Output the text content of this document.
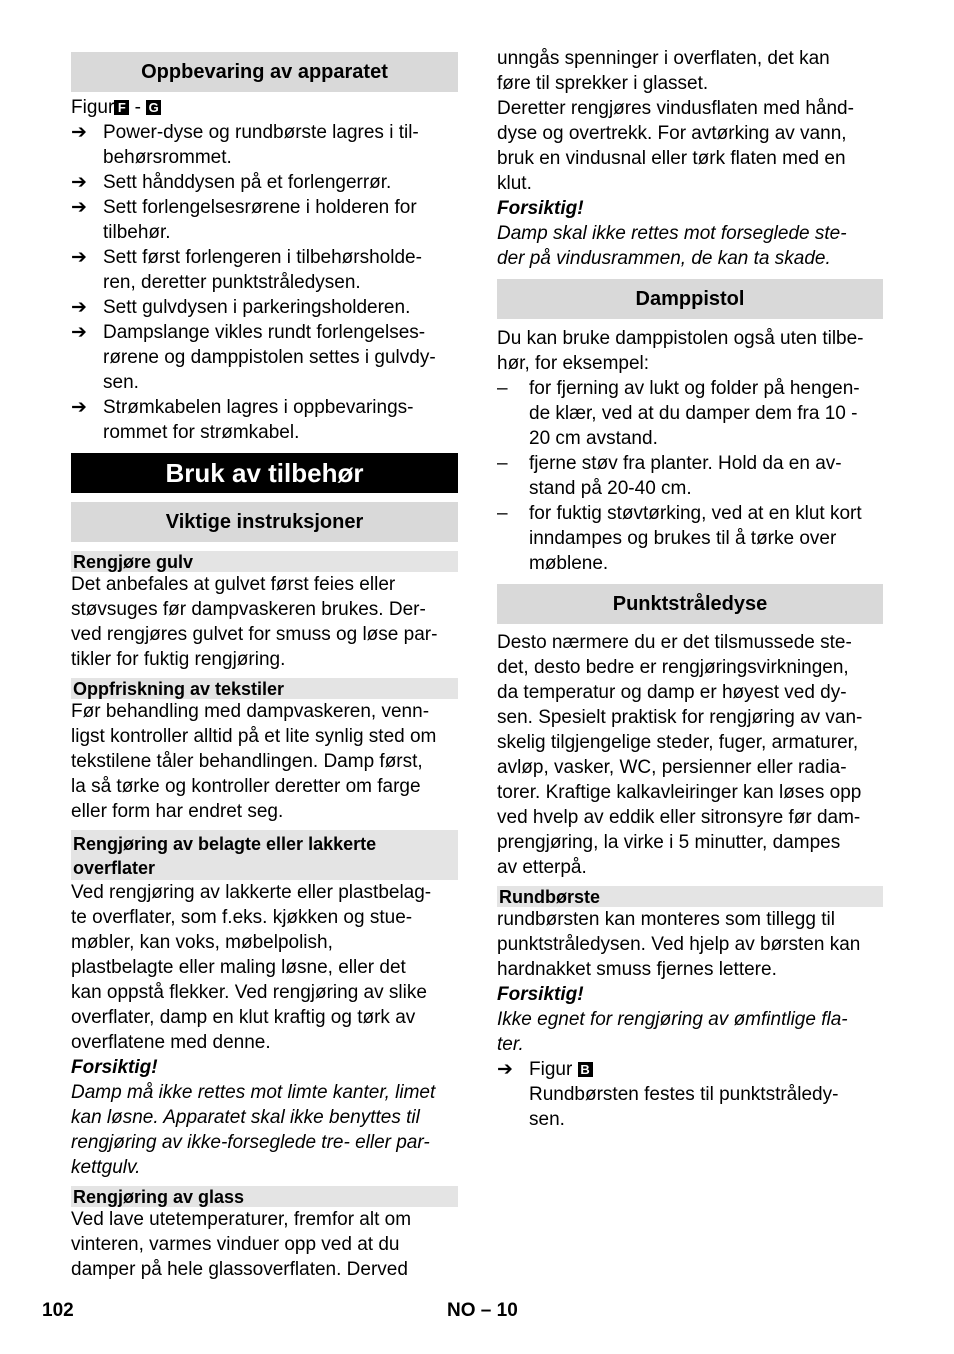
Oppbevaring av apparatet

Figur F - G

➔ Power-dyse og rundbørste lagres i til-
behørsrommet.
➔ Sett hånddysen på et forlengerrør.
➔ Sett forlengelsesrørene i holderen for
tilbehør.
➔ Sett først forlengeren i tilbehørsholde-
ren, deretter punktstråledysen.
➔ Sett gulvdysen i parkeringsholderen.
➔ Dampslange vikles rundt forlengelses-
rørene og damppistolen settes i gulvdy-
sen.
➔ Strømkabelen lagres i oppbevarings-
rommet for strømkabel.
Bruk av tilbehør
Viktige instruksjoner
Rengjøre gulv

Det anbefales at gulvet først feies eller
støvsuges før dampvaskeren brukes. Der-
ved rengjøres gulvet for smuss og løse par-
tikler for fuktig rengjøring.

Oppfriskning av tekstiler

Før behandling med dampvaskeren, venn-
ligst kontroller alltid på et lite synlig sted om
tekstilene tåler behandlingen. Damp først,
la så tørke og kontroller deretter om farge
eller form har endret seg.

Rengjøring av belagte eller lakkerte
overflater

Ved rengjøring av lakkerte eller plastbelag-
te overflater, som f.eks. kjøkken og stue-
møbler, kan voks, møbelpolish,
plastbelagte eller maling løsne, eller det
kan oppstå flekker. Ved rengjøring av slike
overflater, damp en klut kraftig og tørk av
overflatene med denne.

Forsiktig!

Damp må ikke rettes mot limte kanter, limet
kan løsne. Apparatet skal ikke benyttes til
rengjøring av ikke-forseglede tre- eller par-
kettgulv.

Rengjøring av glass

Ved lave utetemperaturer, fremfor alt om
vinteren, varmes vinduer opp ved at du
damper på hele glassoverflaten. Derved

unngås spenninger i overflaten, det kan
føre til sprekker i glasset.
Deretter rengjøres vindusflaten med hånd-
dyse og overtrekk. For avtørking av vann,
bruk en vindusnal eller tørk flaten med en
klut.

Forsiktig!

Damp skal ikke rettes mot forseglede ste-
der på vindusrammen, de kan ta skade.

Damppistol

Du kan bruke damppistolen også uten tilbe-
hør, for eksempel:

–	for fjerning av lukt og folder på hengen-
de klær, ved at du damper dem fra 10 -
20 cm avstand.
–	fjerne støv fra planter. Hold da en av-
stand på 20-40 cm.
–	for fuktig støvtørking, ved at en klut kort
inndampes og brukes til å tørke over
møblene.
Punktstråledyse

Desto nærmere du er det tilsmussede ste-
det, desto bedre er rengjøringsvirkningen,
da temperatur og damp er høyest ved dy-
sen. Spesielt praktisk for rengjøring av van-
skelig tilgjengelige steder, fuger, armaturer,
avløp, vasker, WC, persienner eller radia-
torer. Kraftige kalkavleiringer kan løses opp
ved hvelp av eddik eller sitronsyre før dam-
prengjøring, la virke i 5 minutter, dampes
av etterpå.

Rundbørste

rundbørsten kan monteres som tillegg til
punktstråledysen. Ved hjelp av børsten kan
hardnakket smuss fjernes lettere.

Forsiktig!

Ikke egnet for rengjøring av ømfintlige fla-
ter.

➔ Figur B
Rundbørsten festes til punktstråledy-
sen.
102	NO – 10
